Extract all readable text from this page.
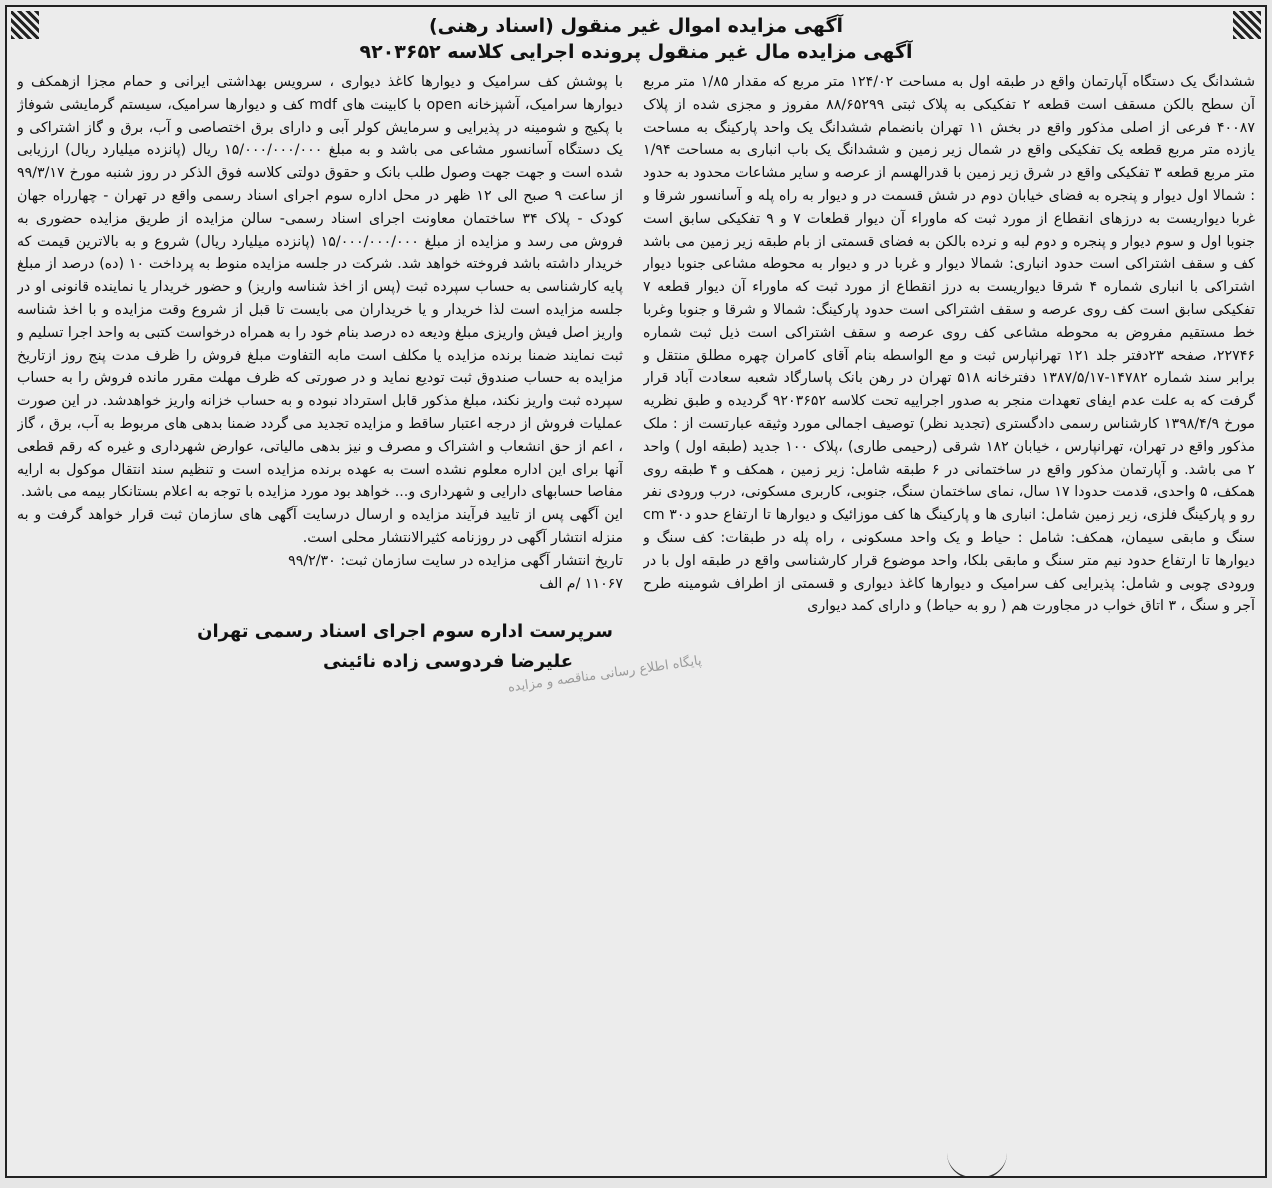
آگهی مزایده اموال غیر منقول (اسناد رهنی)
آگهی مزایده مال غیر منقول پرونده اجرایی کلاسه ۹۲۰۳۶۵۲

ششدانگ یک دستگاه آپارتمان واقع در طبقه اول به مساحت ۱۲۴/۰۲ متر مربع که مقدار ۱/۸۵ متر مربع آن سطح بالکن مسقف است قطعه ۲ تفکیکی به پلاک ثبتی ۸۸/۶۵۲۹۹ مفروز و مجزی شده از پلاک ۴۰۰۸۷ فرعی از اصلی مذکور واقع در بخش ۱۱ تهران بانضمام ششدانگ یک واحد پارکینگ به مساحت یازده متر مربع قطعه یک تفکیکی واقع در شمال زیر زمین و ششدانگ یک باب انباری به مساحت ۱/۹۴ متر مربع قطعه ۳ تفکیکی واقع در شرق زیر زمین با قدرالهسم از عرصه و سایر مشاعات محدود به حدود : شمالا اول دیوار و پنجره به فضای خیابان دوم در شش قسمت در و دیوار به راه پله و آسانسور شرقا و غربا دیواریست به درزهای انقطاع از مورد ثبت که ماوراء آن دیوار قطعات ۷ و ۹ تفکیکی سابق است جنوبا اول و سوم دیوار و پنجره و دوم لبه و نرده بالکن به فضای قسمتی از بام طبقه زیر زمین می باشد کف و سقف اشتراکی است حدود انباری: شمالا دیوار و غربا در و دیوار به محوطه مشاعی جنوبا دیوار اشتراکی با انباری شماره ۴ شرقا دیواریست به درز انقطاع از مورد ثبت که ماوراء آن دیوار قطعه ۷ تفکیکی سابق است کف روی عرصه و سقف اشتراکی است حدود پارکینگ: شمالا و شرقا و جنوبا وغربا خط مستقیم مفروض به محوطه مشاعی کف روی عرصه و سقف اشتراکی است ذیل ثبت شماره ۲۲۷۴۶، صفحه ۲۳دفتر جلد ۱۲۱ تهرانپارس ثبت و مع الواسطه بنام آقای کامران چهره مطلق منتقل و برابر سند شماره ۱۴۷۸۲-۱۳۸۷/۵/۱۷ دفترخانه ۵۱۸ تهران در رهن بانک پاسارگاد شعبه سعادت آباد قرار گرفت که به علت عدم ایفای تعهدات منجر به صدور اجراییه تحت کلاسه ۹۲۰۳۶۵۲ گردیده و طبق نظریه مورخ ۱۳۹۸/۴/۹ کارشناس رسمی دادگستری (تجدید نظر) توصیف اجمالی مورد وثیقه عبارتست از : ملک مذکور واقع در تهران، تهرانپارس ، خیابان ۱۸۲ شرقی (رحیمی طاری) ،پلاک ۱۰۰ جدید (طبقه اول ) واحد ۲ می باشد. و آپارتمان مذکور واقع در ساختمانی در ۶ طبقه شامل: زیر زمین ، همکف و ۴ طبقه روی همکف، ۵ واحدی، قدمت حدودا ۱۷ سال، نمای ساختمان سنگ، جنوبی، کاربری مسکونی، درب ورودی نفر رو و پارکینگ فلزی، زیر زمین شامل: انباری ها و پارکینگ ها کف موزائیک و دیوارها تا ارتفاع حدو د۳۰ cm سنگ و مابقی سیمان، همکف: شامل : حیاط و یک واحد مسکونی ، راه پله در طبقات: کف سنگ و دیوارها تا ارتفاع حدود نیم متر سنگ و مابقی بلکا، واحد موضوع قرار کارشناسی واقع در طبقه اول با در ورودی چوبی و شامل: پذیرایی کف سرامیک و دیوارها کاغذ دیواری و قسمتی از اطراف شومینه طرح آجر و سنگ ، ۳ اتاق خواب در مجاورت هم ( رو به حیاط) و دارای کمد دیواری

با پوشش کف سرامیک و دیوارها کاغذ دیواری ، سرویس بهداشتی ایرانی و حمام مجزا ازهمکف و دیوارها سرامیک، آشپزخانه open با کابینت های mdf کف و دیوارها سرامیک، سیستم گرمایشی شوفاژ با پکیج و شومینه در پذیرایی و سرمایش کولر آبی و دارای برق اختصاصی و آب، برق و گاز اشتراکی و یک دستگاه آسانسور مشاعی می باشد و به مبلغ ۱۵/۰۰۰/۰۰۰/۰۰۰ ریال (پانزده میلیارد ریال) ارزیابی شده است و جهت جهت وصول طلب بانک و حقوق دولتی کلاسه فوق الذکر در روز شنبه مورخ ۹۹/۳/۱۷ از ساعت ۹ صبح الی ۱۲ ظهر در محل اداره سوم اجرای اسناد رسمی واقع در تهران - چهارراه جهان کودک - پلاک ۳۴ ساختمان معاونت اجرای اسناد رسمی- سالن مزایده از طریق مزایده حضوری به فروش می رسد و مزایده از مبلغ ۱۵/۰۰۰/۰۰۰/۰۰۰ (پانزده میلیارد ریال) شروع و به بالاترین قیمت که خریدار داشته باشد فروخته خواهد شد. شرکت در جلسه مزایده منوط به پرداخت ۱۰ (ده) درصد از مبلغ پایه کارشناسی به حساب سپرده ثبت (پس از اخذ شناسه واریز) و حضور خریدار یا نماینده قانونی او در جلسه مزایده است لذا خریدار و یا خریداران می بایست تا قبل از شروع وقت مزایده و با اخذ شناسه واریز اصل فیش واریزی مبلغ ودیعه ده درصد بنام خود را به همراه درخواست کتبی به واحد اجرا تسلیم و ثبت نمایند ضمنا برنده مزایده یا مکلف است مابه التفاوت مبلغ فروش را ظرف مدت پنج روز ازتاریخ مزایده به حساب صندوق ثبت تودیع نماید و در صورتی که ظرف مهلت مقرر مانده فروش را به حساب سپرده ثبت واریز نکند، مبلغ مذکور قابل استرداد نبوده و به حساب خزانه واریز خواهدشد. در این صورت عملیات فروش از درجه اعتبار ساقط و مزایده تجدید می گردد ضمنا بدهی های مربوط به آب، برق ، گاز ، اعم از حق انشعاب و اشتراک و مصرف و نیز بدهی مالیاتی، عوارض شهرداری و غیره که رقم قطعی آنها برای این اداره معلوم نشده است به عهده برنده مزایده است و تنظیم سند انتقال موکول به ارایه مفاصا حسابهای دارایی و شهرداری و... خواهد بود مورد مزایده با توجه به اعلام بستانکار بیمه می باشد.

این آگهی پس از تایید فرآیند مزایده و ارسال درسایت آگهی های سازمان ثبت قرار خواهد گرفت و به منزله انتشار آگهی در روزنامه کثیرالانتشار محلی است.

تاریخ انتشار آگهی مزایده در سایت سازمان ثبت: ۹۹/۲/۳۰

۱۱۰۶۷ /م الف

سرپرست اداره سوم اجرای اسناد رسمی تهران
علیرضا فردوسی زاده نائینی
پایگاه اطلاع رسانی مناقصه و مزایده
